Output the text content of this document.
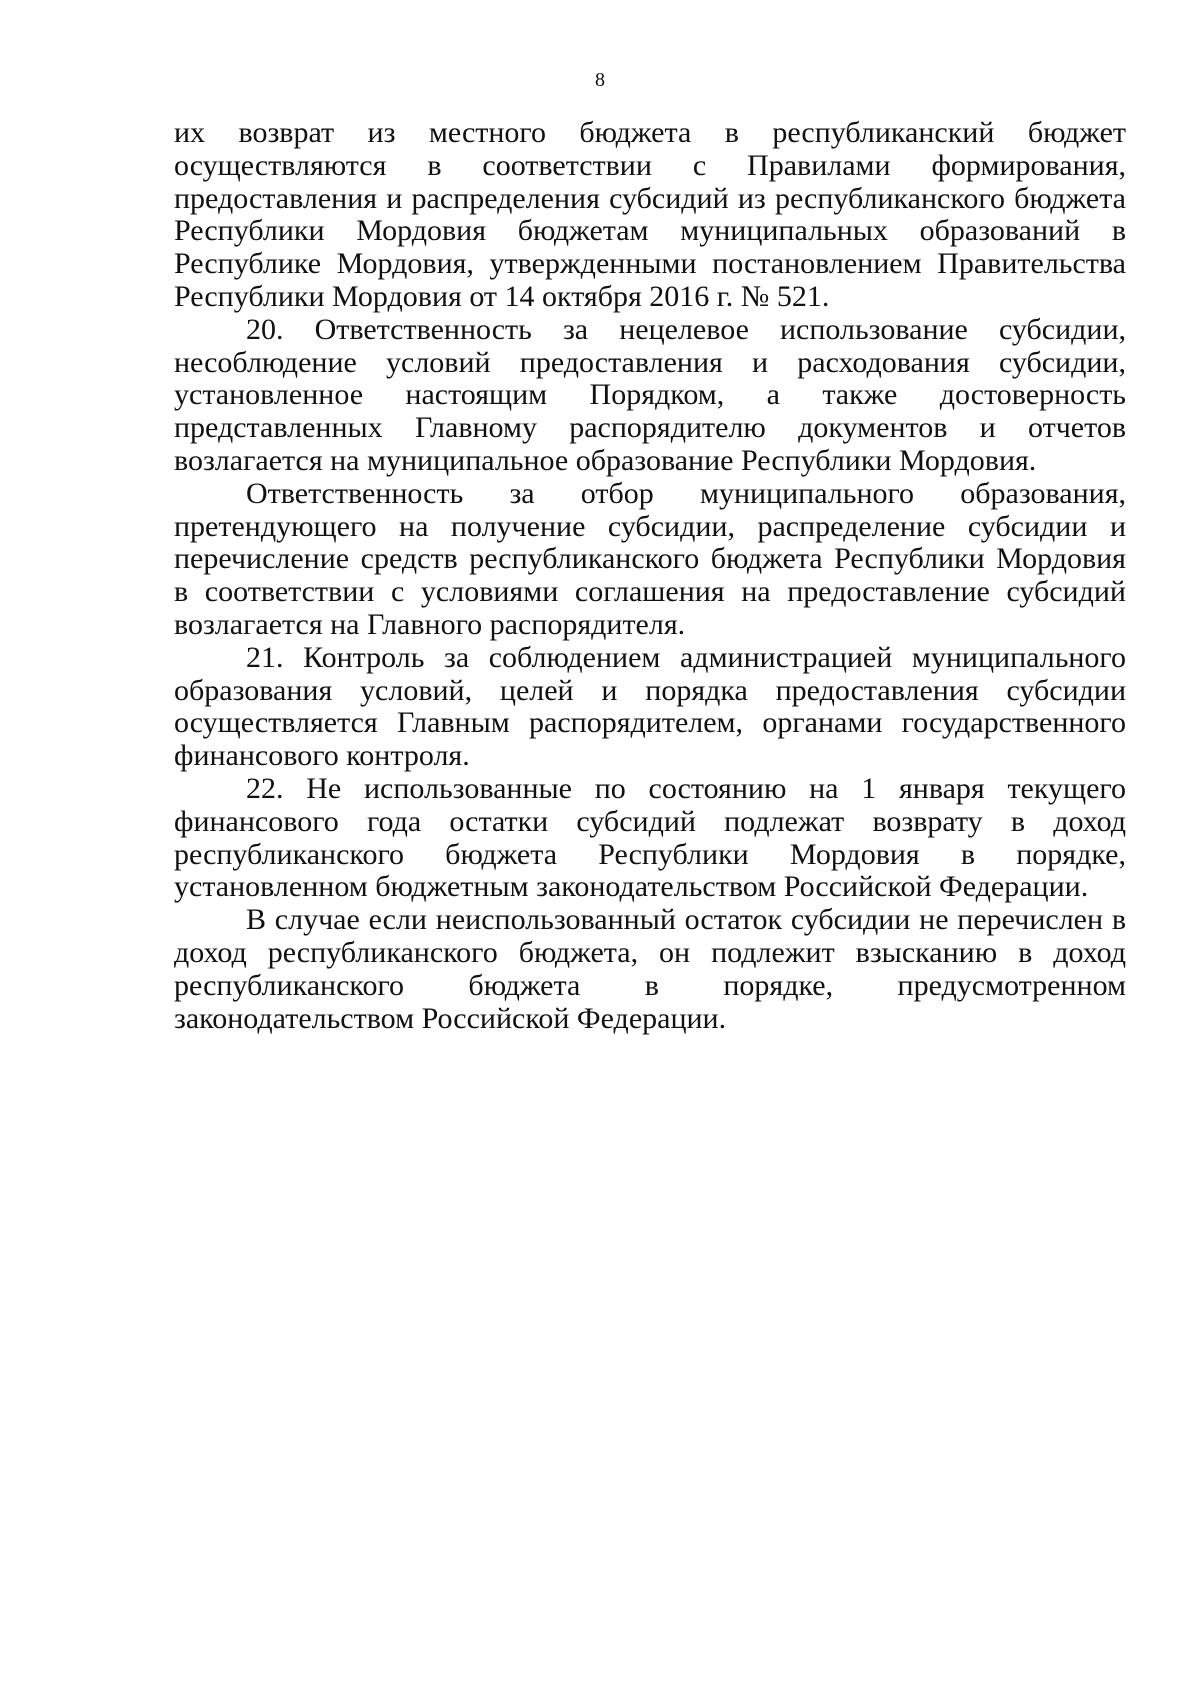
8

их возврат из местного бюджета в республиканский бюджет осуществляются в соответствии с Правилами формирования, предоставления и распределения субсидий из республиканского бюджета Республики Мордовия бюджетам муниципальных образований в Республике Мордовия, утвержденными постановлением Правительства Республики Мордовия от 14 октября 2016 г. № 521.

20. Ответственность за нецелевое использование субсидии, несоблюдение условий предоставления и расходования субсидии, установленное настоящим Порядком, а также достоверность представленных Главному распорядителю документов и отчетов возлагается на муниципальное образование Республики Мордовия.

Ответственность за отбор муниципального образования, претендующего на получение субсидии, распределение субсидии и перечисление средств республиканского бюджета Республики Мордовия в соответствии с условиями соглашения на предоставление субсидий возлагается на Главного распорядителя.

21. Контроль за соблюдением администрацией муниципального образования условий, целей и порядка предоставления субсидии осуществляется Главным распорядителем, органами государственного финансового контроля.

22. Не использованные по состоянию на 1 января текущего финансового года остатки субсидий подлежат возврату в доход республиканского бюджета Республики Мордовия в порядке, установленном бюджетным законодательством Российской Федерации.

В случае если неиспользованный остаток субсидии не перечислен в доход республиканского бюджета, он подлежит взысканию в доход республиканского бюджета в порядке, предусмотренном законодательством Российской Федерации.
